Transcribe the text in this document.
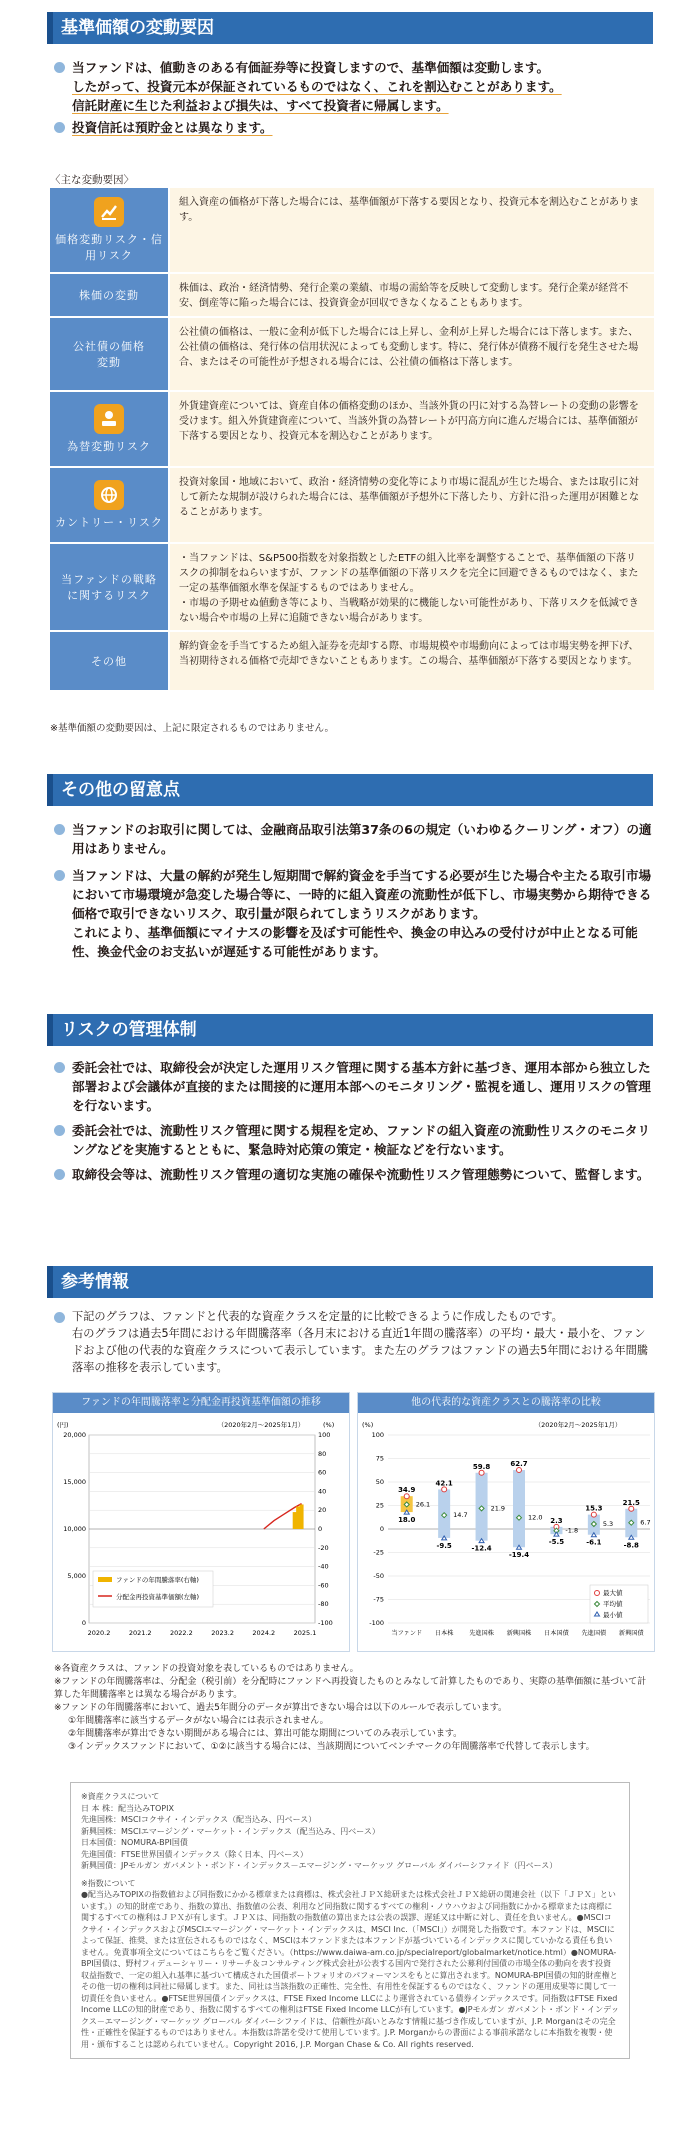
基準価額の変動要因
当ファンドは、値動きのある有価証券等に投資しますので、基準価額は変動します。
したがって、投資元本が保証されているものではなく、これを割込むことがあります。
信託財産に生じた利益および損失は、すべて投資者に帰属します。
投資信託は預貯金とは異なります。
〈主な変動要因〉
価格変動リスク・信用リスク
組入資産の価格が下落した場合には、基準価額が下落する要因となり、投資元本を割込むことがあります。
株価の変動
株価は、政治・経済情勢、発行企業の業績、市場の需給等を反映して変動します。発行企業が経営不安、倒産等に陥った場合には、投資資金が回収できなくなることもあります。
公社債の価格変動
公社債の価格は、一般に金利が低下した場合には上昇し、金利が上昇した場合には下落します。また、公社債の価格は、発行体の信用状況によっても変動します。特に、発行体が債務不履行を発生させた場合、またはその可能性が予想される場合には、公社債の価格は下落します。
為替変動リスク
外貨建資産については、資産自体の価格変動のほか、当該外貨の円に対する為替レートの変動の影響を受けます。組入外貨建資産について、当該外貨の為替レートが円高方向に進んだ場合には、基準価額が下落する要因となり、投資元本を割込むことがあります。
カントリー・リスク
投資対象国・地域において、政治・経済情勢の変化等により市場に混乱が生じた場合、または取引に対して新たな規制が設けられた場合には、基準価額が予想外に下落したり、方針に沿った運用が困難となることがあります。
当ファンドの戦略に関するリスク
・当ファンドは、S&P500指数を対象指数としたETFの組入比率を調整することで、基準価額の下落リスクの抑制をねらいますが、ファンドの基準価額の下落リスクを完全に回避できるものではなく、また一定の基準価額水準を保証するものではありません。
・市場の予期せぬ値動き等により、当戦略が効果的に機能しない可能性があり、下落リスクを低減できない場合や市場の上昇に追随できない場合があります。
その他
解約資金を手当てするため組入証券を売却する際、市場規模や市場動向によっては市場実勢を押下げ、当初期待される価格で売却できないこともあります。この場合、基準価額が下落する要因となります。
※基準価額の変動要因は、上記に限定されるものではありません。
その他の留意点
当ファンドのお取引に関しては、金融商品取引法第37条の6の規定（いわゆるクーリング・オフ）の適用はありません。
当ファンドは、大量の解約が発生し短期間で解約資金を手当てする必要が生じた場合や主たる取引市場において市場環境が急変した場合等に、一時的に組入資産の流動性が低下し、市場実勢から期待できる価格で取引できないリスク、取引量が限られてしまうリスクがあります。
これにより、基準価額にマイナスの影響を及ぼす可能性や、換金の申込みの受付けが中止となる可能性、換金代金のお支払いが遅延する可能性があります。
リスクの管理体制
委託会社では、取締役会が決定した運用リスク管理に関する基本方針に基づき、運用本部から独立した部署および会議体が直接的または間接的に運用本部へのモニタリング・監視を通し、運用リスクの管理を行ないます。
委託会社では、流動性リスク管理に関する規程を定め、ファンドの組入資産の流動性リスクのモニタリングなどを実施するとともに、緊急時対応策の策定・検証などを行ないます。
取締役会等は、流動性リスク管理の適切な実施の確保や流動性リスク管理態勢について、監督します。
参考情報
下記のグラフは、ファンドと代表的な資産クラスを定量的に比較できるように作成したものです。
右のグラフは過去5年間における年間騰落率（各月末における直近1年間の騰落率）の平均・最大・最小を、ファンドおよび他の代表的な資産クラスについて表示しています。また左のグラフはファンドの過去5年間における年間騰落率の推移を表示しています。
ファンドの年間騰落率と分配金再投資基準価額の推移
（2020年2月～2025年1月）
(円)	(%)
100
80
60
40
20
0
-20
-40
-60
-80
-100
20,000
15,000
10,000
5,000
0
2020.2	2021.2	2022.2	2023.2	2024.2	2025.1
ファンドの年間騰落率(右軸)
分配金再投資基準価額(左軸)
他の代表的な資産クラスとの騰落率の比較
（2020年2月～2025年1月）
(%)
34.9
26.1
18.0
42.1
14.7
-9.5
59.8
21.9
-12.4
62.7
12.0
-19.4
2.3
-1.8
-5.5
15.3
5.3
-6.1
21.5
6.7
-8.8
-100
-75
-50
-25
0
25
50
75
100
当ファンド 日本株	先進国株 新興国株 日本国債 先進国債 新興国債
最大値
平均値
最小値
※各資産クラスは、ファンドの投資対象を表しているものではありません。
※ファンドの年間騰落率は、分配金（税引前）を分配時にファンドへ再投資したものとみなして計算したものであり、実際の基準価額に基づいて計算した年間騰落率とは異なる場合があります。
※ファンドの年間騰落率において、過去5年間分のデータが算出できない場合は以下のルールで表示しています。
①年間騰落率に該当するデータがない場合には表示されません。
②年間騰落率が算出できない期間がある場合には、算出可能な期間についてのみ表示しています。
③インデックスファンドにおいて、①②に該当する場合には、当該期間についてベンチマークの年間騰落率で代替して表示します。
※資産クラスについて
日 本 株：配当込みTOPIX
先進国株：MSCIコクサイ・インデックス（配当込み、円ベース）
新興国株：MSCIエマージング・マーケット・インデックス（配当込み、円ベース）
日本国債：NOMURA-BPI国債
先進国債：FTSE世界国債インデックス（除く日本、円ベース）
新興国債：JPモルガン ガバメント・ボンド・インデックス－エマージング・マーケッツ グローバル ダイバーシファイド（円ベース）
※指数について
●配当込みTOPIXの指数値および同指数にかかる標章または商標は、株式会社ＪＰＸ総研または株式会社ＪＰＸ総研の関連会社（以下「ＪＰＸ」といいます。）の知的財産であり、指数の算出、指数値の公表、利用など同指数に関するすべての権利・ノウハウおよび同指数にかかる標章または商標に関するすべての権利はＪＰＸが有します。ＪＰＸは、同指数の指数値の算出または公表の誤謬、遅延又は中断に対し、責任を負いません。●MSCIコクサイ・インデックスおよびMSCIエマージング・マーケット・インデックスは、MSCI Inc.（「MSCI」）が開発した指数です。本ファンドは、MSCIによって保証、推奨、または宣伝されるものではなく、MSCIは本ファンドまたは本ファンドが基づいているインデックスに関していかなる責任も負いません。免責事項全文についてはこちらをご覧ください。（https://www.daiwa-am.co.jp/specialreport/globalmarket/notice.html）●NOMURA-BPI国債は、野村フィデューシャリー・リサーチ＆コンサルティング株式会社が公表する国内で発行された公募利付国債の市場全体の動向を表す投資収益指数で、一定の組入れ基準に基づいて構成された国債ポートフォリオのパフォーマンスをもとに算出されます。NOMURA-BPI国債の知的財産権とその他一切の権利は同社に帰属します。また、同社は当該指数の正確性、完全性、有用性を保証するものではなく、ファンドの運用成果等に関して一切責任を負いません。●FTSE世界国債インデックスは、FTSE Fixed Income LLCにより運営されている債券インデックスです。同指数はFTSE Fixed Income LLCの知的財産であり、指数に関するすべての権利はFTSE Fixed Income LLCが有しています。●JPモルガン ガバメント・ボンド・インデックス－エマージング・マーケッツ グローバル ダイバーシファイドは、信頼性が高いとみなす情報に基づき作成していますが、J.P. Morganはその完全性・正確性を保証するものではありません。本指数は許諾を受けて使用しています。J.P. Morganからの書面による事前承諾なしに本指数を複製・使用・頒布することは認められていません。Copyright 2016, J.P. Morgan Chase & Co. All rights reserved.
